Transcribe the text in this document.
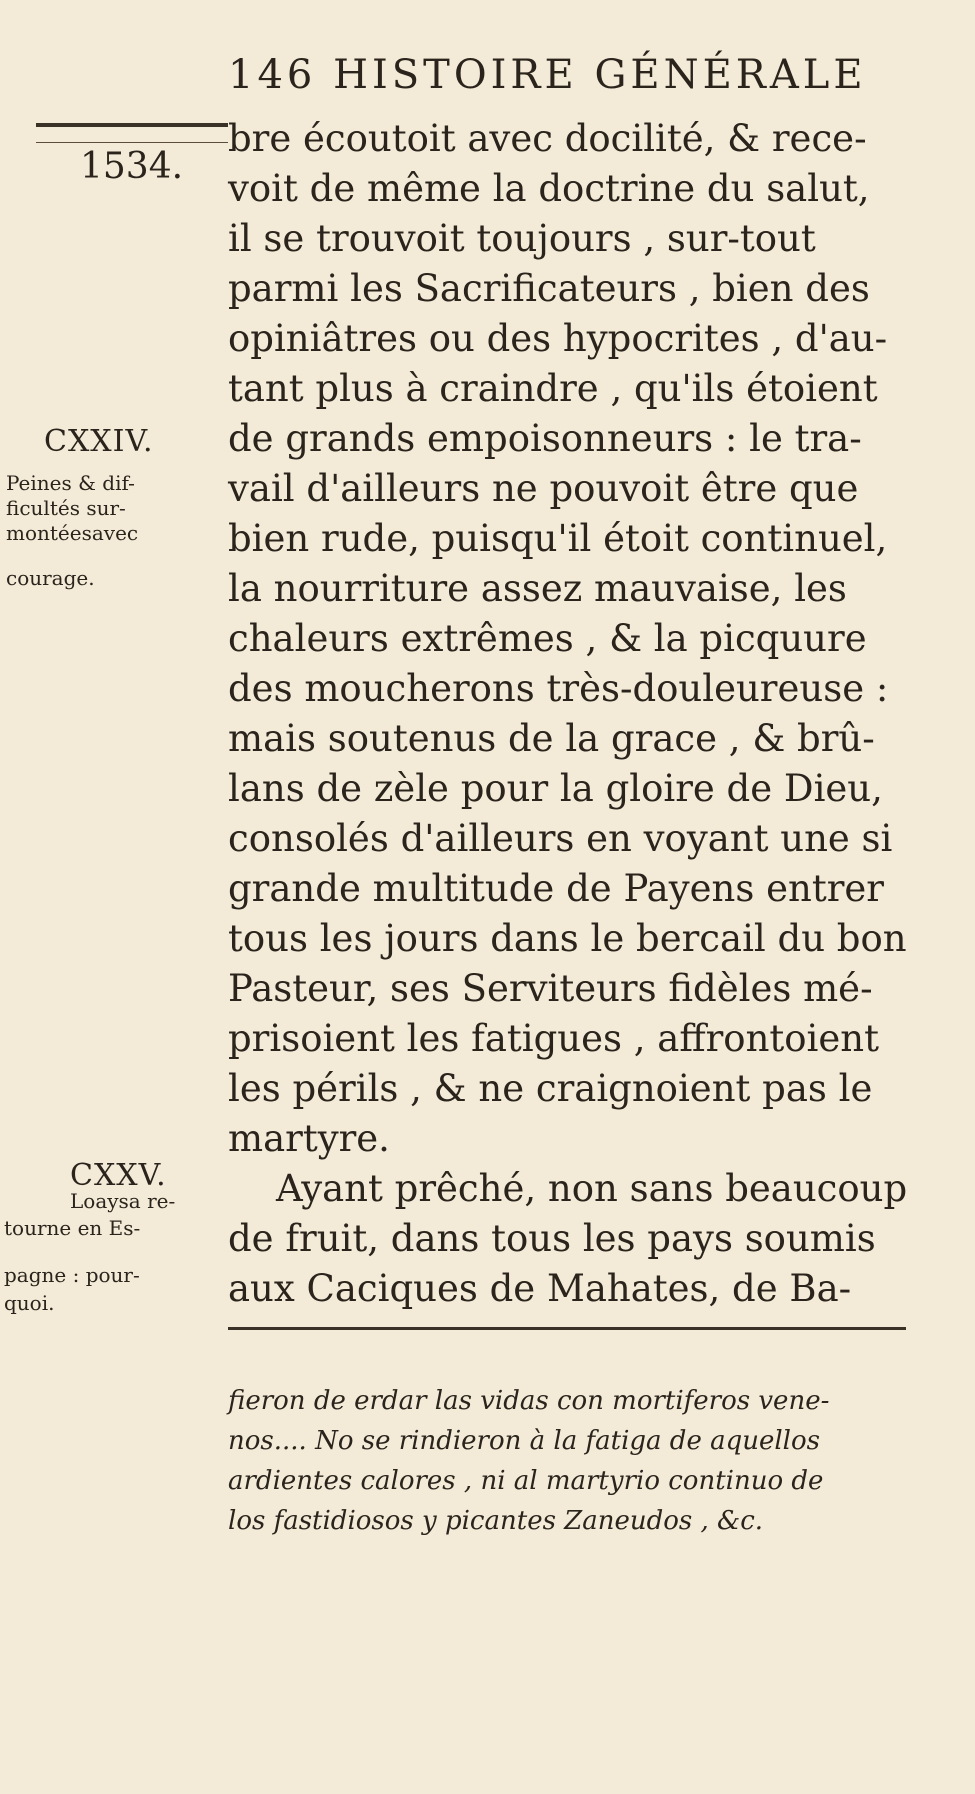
146 HISTOIRE GÉNÉRALE
1534.
bre écoutoit avec docilité, & rece-
voit de même la doctrine du salut,
il se trouvoit toujours , sur-tout
parmi les Sacrificateurs , bien des
opiniâtres ou des hypocrites , d'au-
tant plus à craindre , qu'ils étoient
de grands empoisonneurs : le tra-
vail d'ailleurs ne pouvoit être que
bien rude, puisqu'il étoit continuel,
la nourriture assez mauvaise, les
chaleurs extrêmes , & la picquure
des moucherons très-douleureuse :
mais soutenus de la grace , & brû-
lans de zèle pour la gloire de Dieu,
consolés d'ailleurs en voyant une si
grande multitude de Payens entrer
tous les jours dans le bercail du bon
Pasteur, ses Serviteurs fidèles mé-
prisoient les fatigues , affrontoient
les périls , & ne craignoient pas le
martyre.
Ayant prêché, non sans beaucoup
de fruit, dans tous les pays soumis
aux Caciques de Mahates, de Ba-
CXXIV.
Peines & dif-
ficultés sur-
montéesavec
courage.
CXXV.
Loaysa re-
tourne en Es-
pagne : pour-
quoi.
fieron de erdar las vidas con mortiferos vene-
nos.... No se rindieron à la fatiga de aquellos
ardientes calores , ni al martyrio continuo de
los fastidiosos y picantes Zaneudos , &c.
